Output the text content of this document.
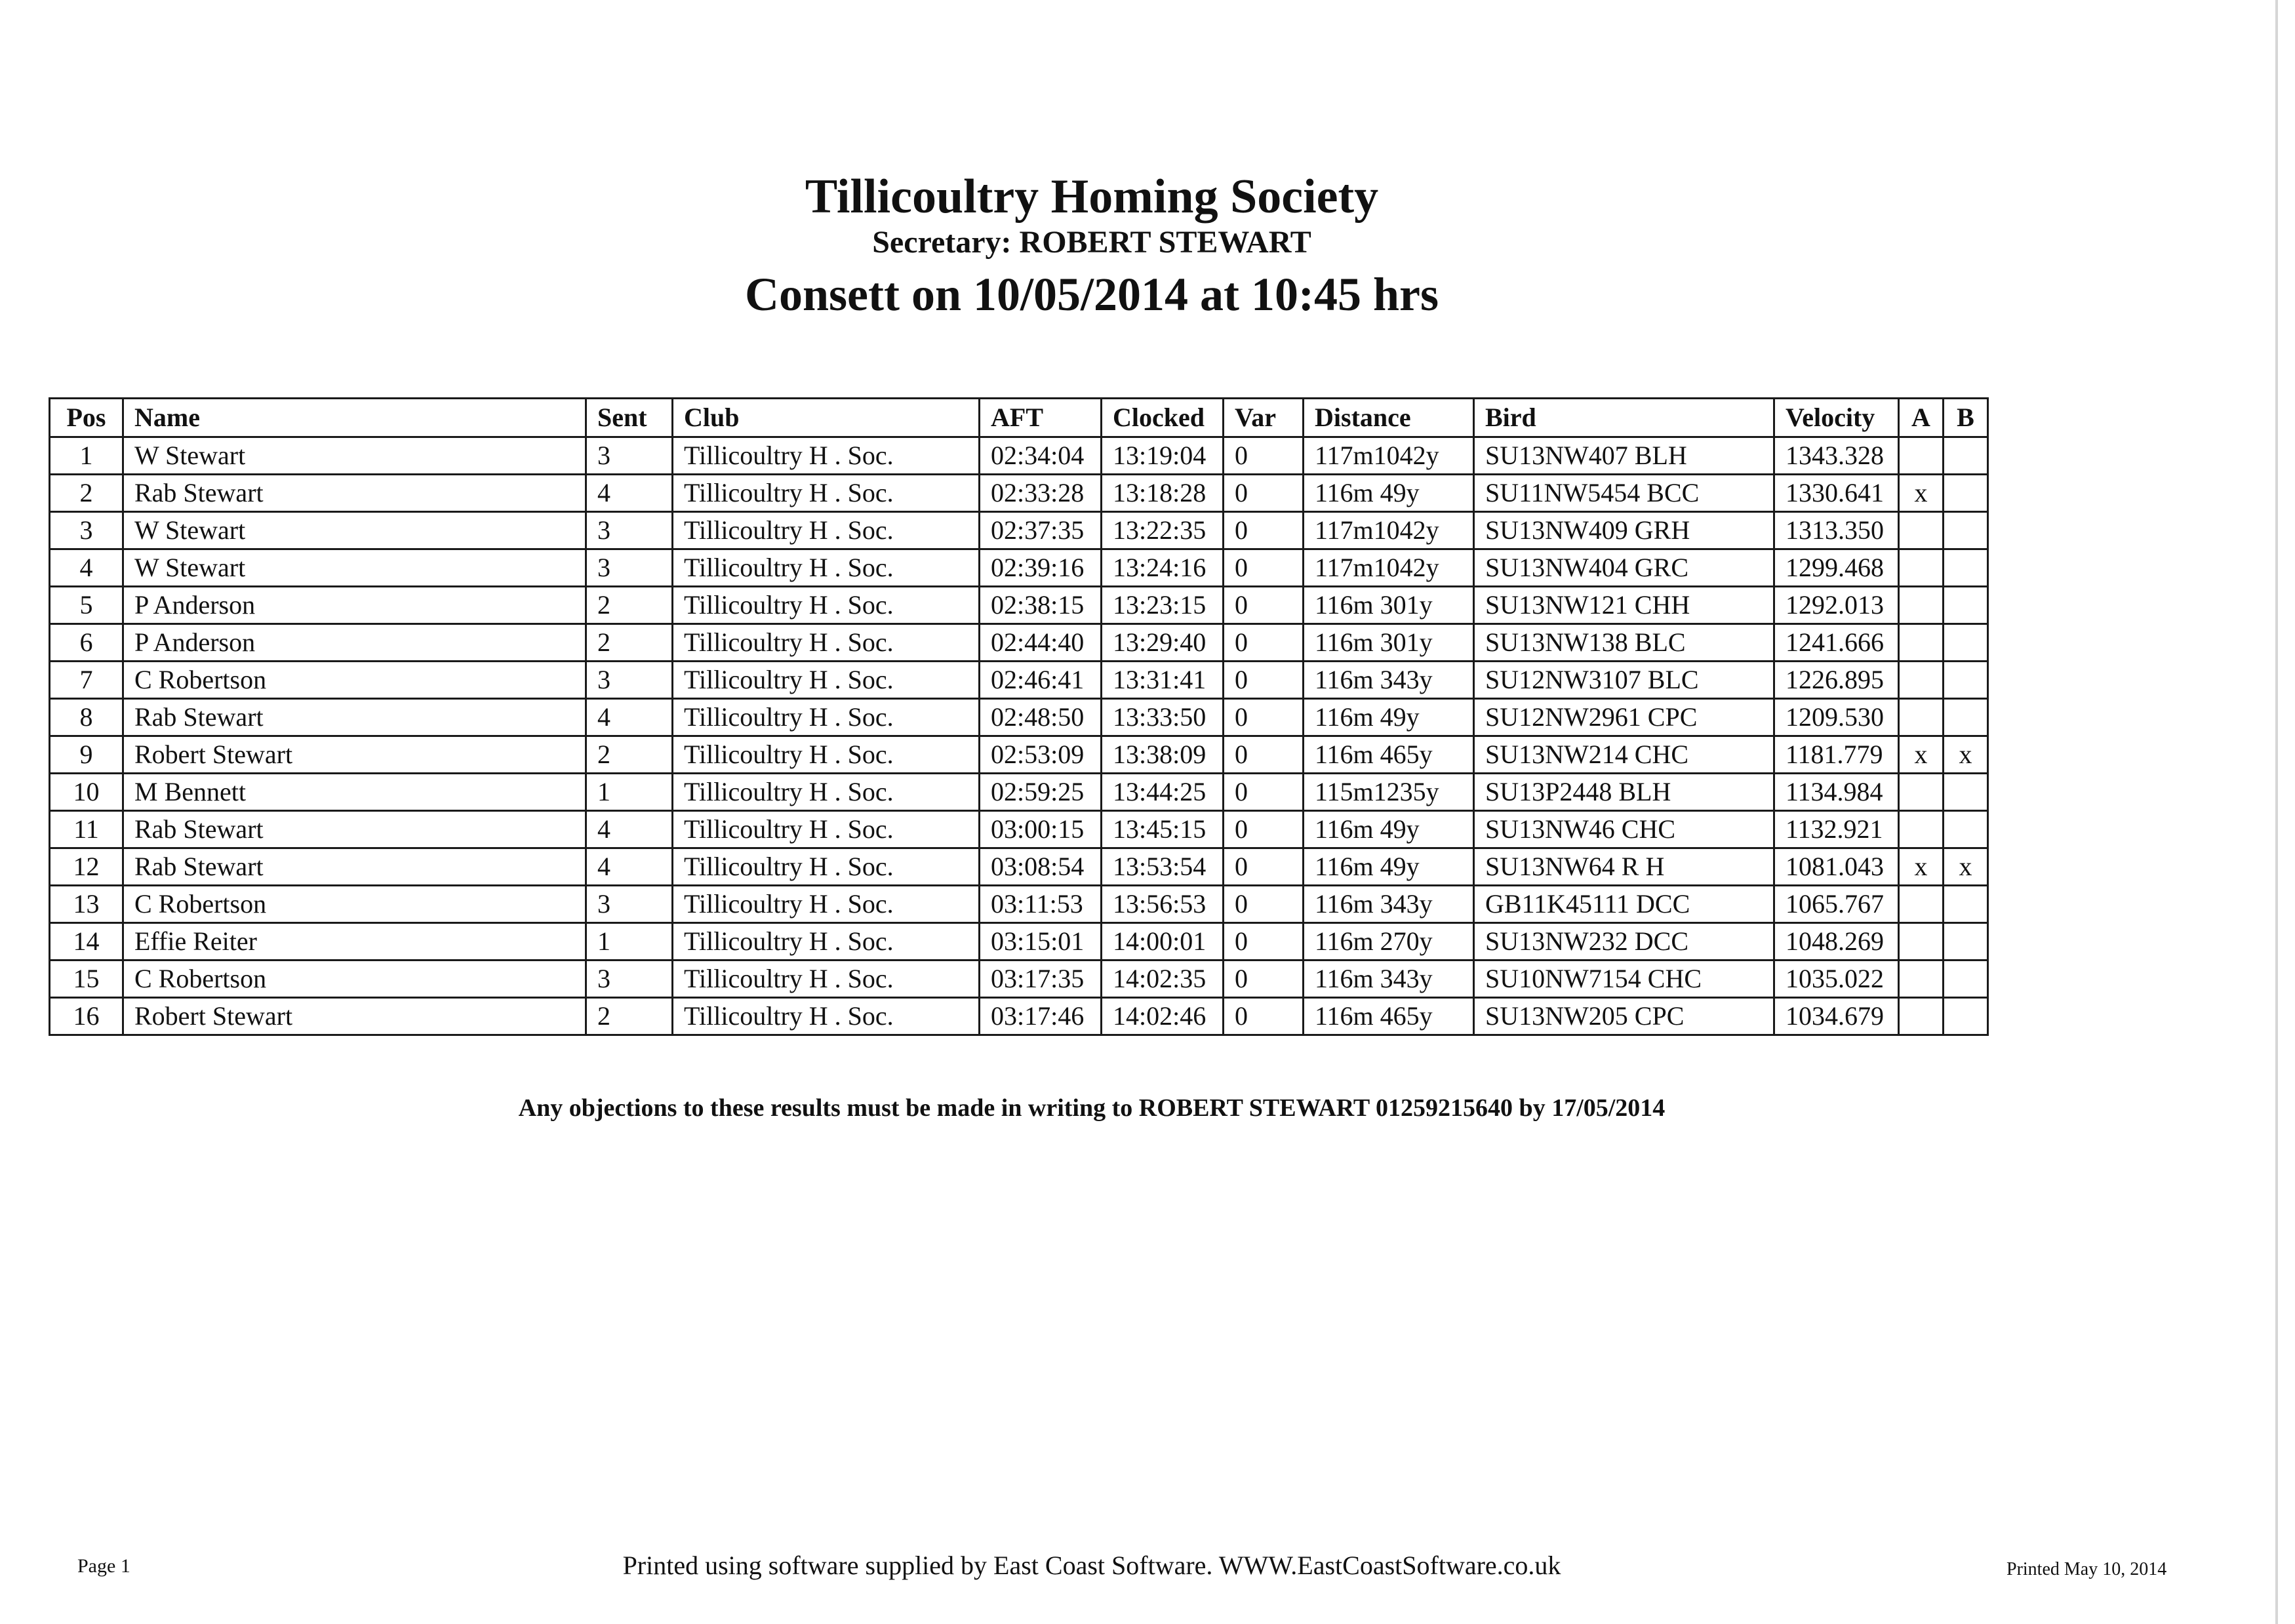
Tillicoultry Homing Society
Secretary: ROBERT STEWART
Consett on 10/05/2014 at 10:45 hrs
Pos	Name	Sent	Club	AFT	Clocked	Var	Distance	Bird	Velocity	A	B
1	W Stewart	3	Tillicoultry H . Soc.	02:34:04	13:19:04	0	117m1042y	SU13NW407 BLH	1343.328		
2	Rab Stewart	4	Tillicoultry H . Soc.	02:33:28	13:18:28	0	116m 49y	SU11NW5454 BCC	1330.641	x	
3	W Stewart	3	Tillicoultry H . Soc.	02:37:35	13:22:35	0	117m1042y	SU13NW409 GRH	1313.350		
4	W Stewart	3	Tillicoultry H . Soc.	02:39:16	13:24:16	0	117m1042y	SU13NW404 GRC	1299.468		
5	P Anderson	2	Tillicoultry H . Soc.	02:38:15	13:23:15	0	116m 301y	SU13NW121 CHH	1292.013		
6	P Anderson	2	Tillicoultry H . Soc.	02:44:40	13:29:40	0	116m 301y	SU13NW138 BLC	1241.666		
7	C Robertson	3	Tillicoultry H . Soc.	02:46:41	13:31:41	0	116m 343y	SU12NW3107 BLC	1226.895		
8	Rab Stewart	4	Tillicoultry H . Soc.	02:48:50	13:33:50	0	116m 49y	SU12NW2961 CPC	1209.530		
9	Robert Stewart	2	Tillicoultry H . Soc.	02:53:09	13:38:09	0	116m 465y	SU13NW214 CHC	1181.779	x	x
10	M Bennett	1	Tillicoultry H . Soc.	02:59:25	13:44:25	0	115m1235y	SU13P2448 BLH	1134.984		
11	Rab Stewart	4	Tillicoultry H . Soc.	03:00:15	13:45:15	0	116m 49y	SU13NW46 CHC	1132.921		
12	Rab Stewart	4	Tillicoultry H . Soc.	03:08:54	13:53:54	0	116m 49y	SU13NW64 R H	1081.043	x	x
13	C Robertson	3	Tillicoultry H . Soc.	03:11:53	13:56:53	0	116m 343y	GB11K45111 DCC	1065.767		
14	Effie Reiter	1	Tillicoultry H . Soc.	03:15:01	14:00:01	0	116m 270y	SU13NW232 DCC	1048.269		
15	C Robertson	3	Tillicoultry H . Soc.	03:17:35	14:02:35	0	116m 343y	SU10NW7154 CHC	1035.022		
16	Robert Stewart	2	Tillicoultry H . Soc.	03:17:46	14:02:46	0	116m 465y	SU13NW205 CPC	1034.679		
Any objections to these results must be made in writing to ROBERT STEWART 01259215640 by 17/05/2014
Page 1	Printed using software supplied by East Coast Software. WWW.EastCoastSoftware.co.uk	Printed May 10, 2014
